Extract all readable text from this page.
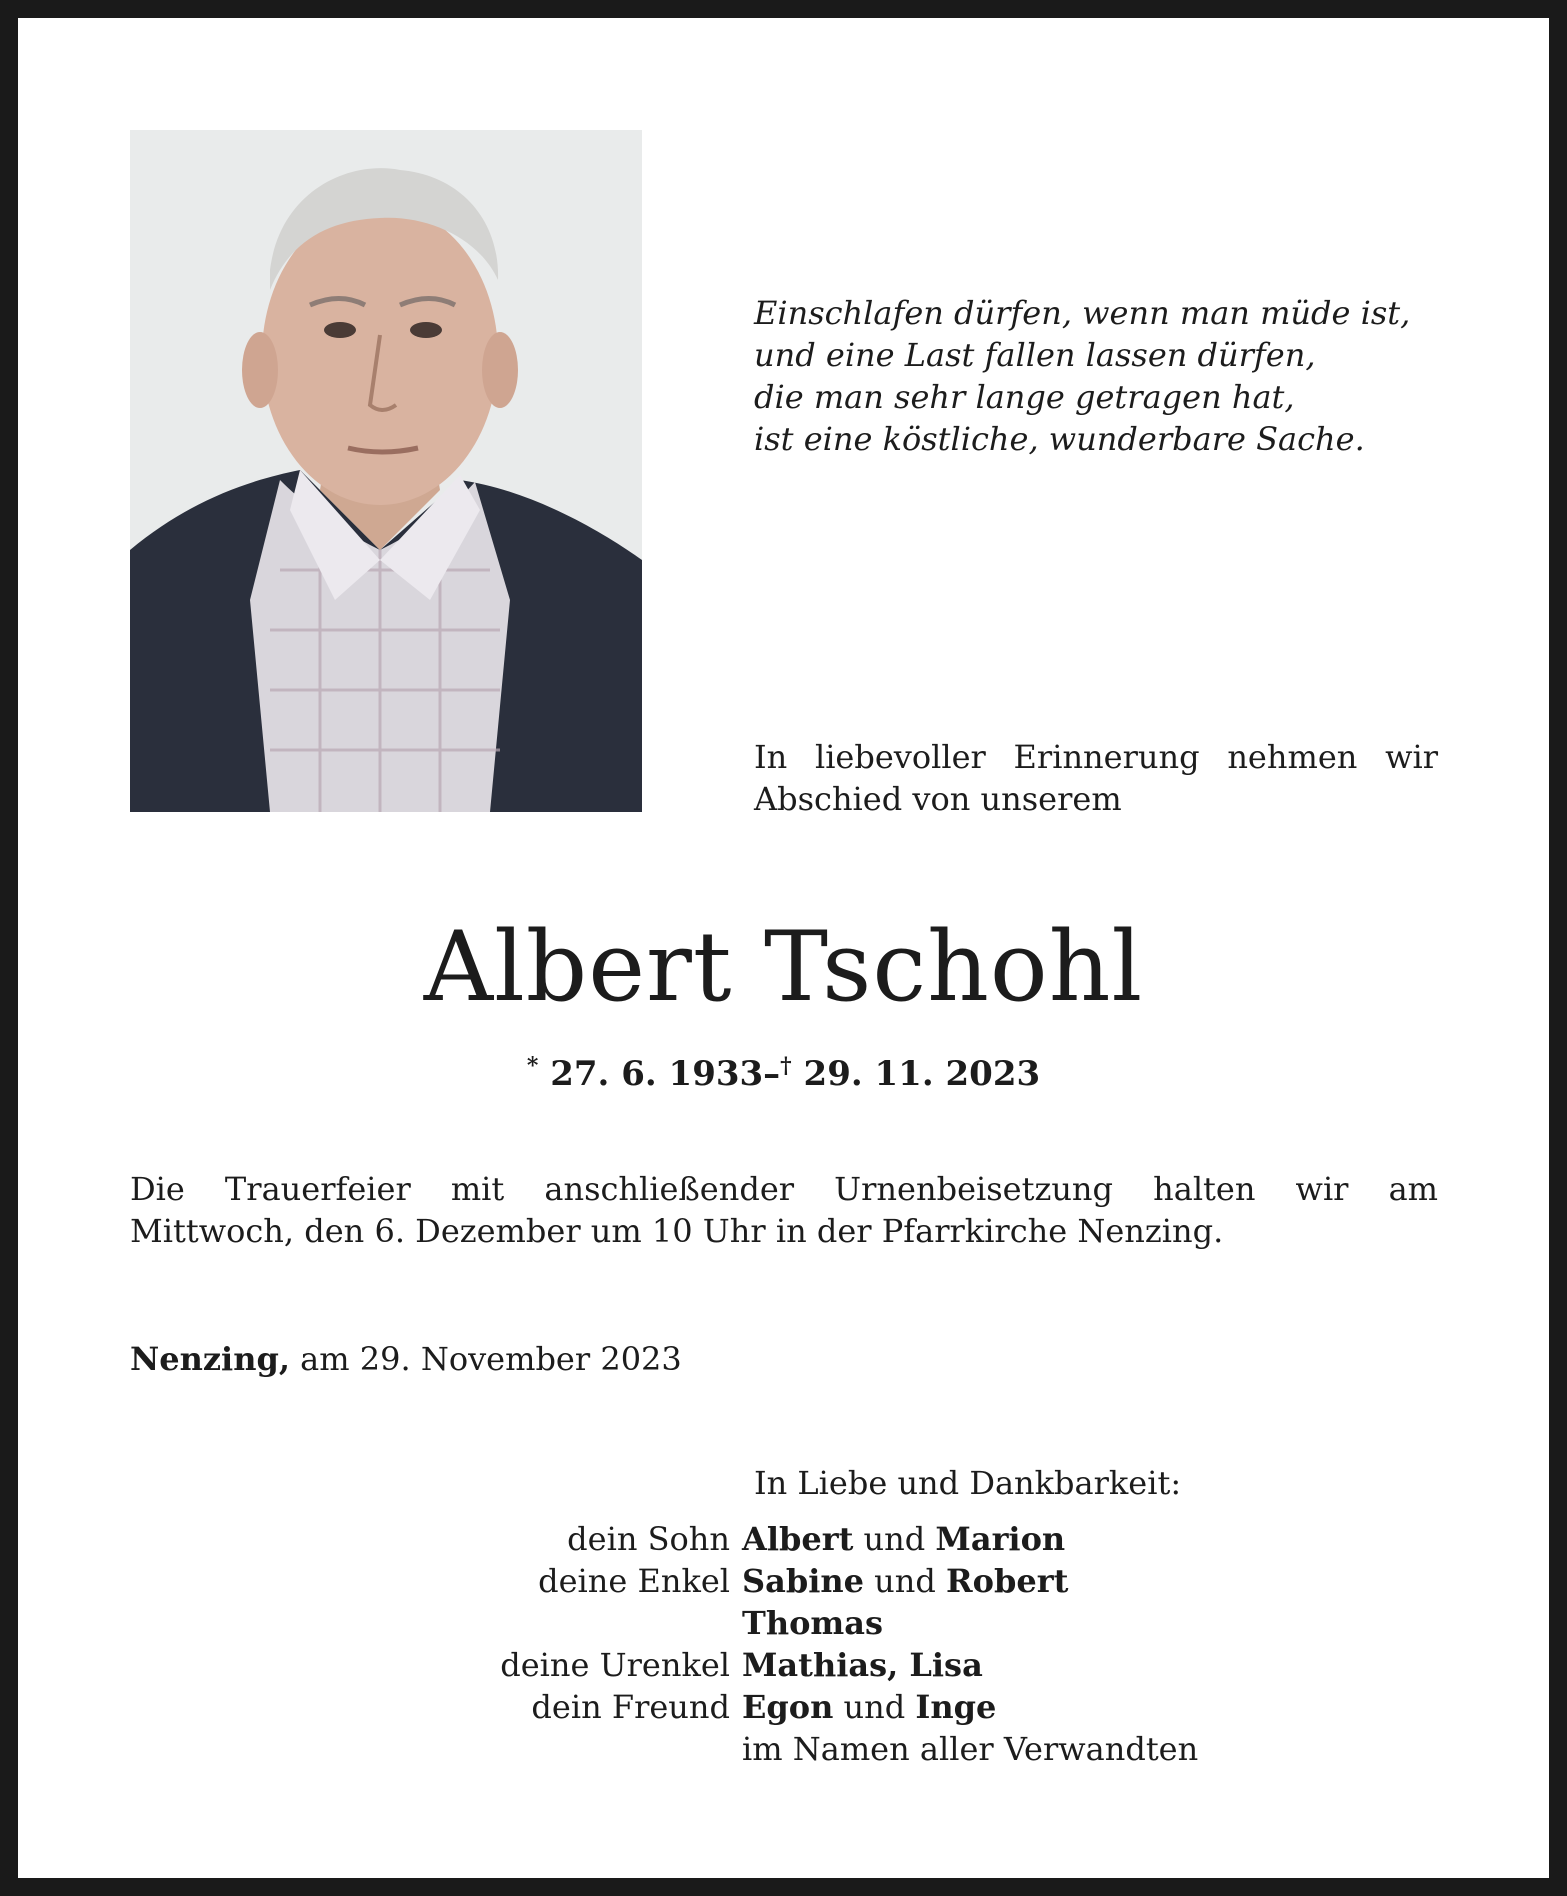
Einschlafen dürfen, wenn man müde ist,
und eine Last fallen lassen dürfen,
die man sehr lange getragen hat,
ist eine köstliche, wunderbare Sache.
In liebevoller Erinnerung nehmen wir
Abschied von unserem
Albert Tschohl
* 27. 6. 1933–† 29. 11. 2023
Die Trauerfeier mit anschließender Urnenbeisetzung halten wir am
Mittwoch, den 6. Dezember um 10 Uhr in der Pfarrkirche Nenzing.
Nenzing, am 29. November 2023
In Liebe und Dankbarkeit:
dein Sohn Albert und Marion
deine Enkel Sabine und Robert
Thomas
deine Urenkel Mathias, Lisa
dein Freund Egon und Inge
im Namen aller Verwandten
